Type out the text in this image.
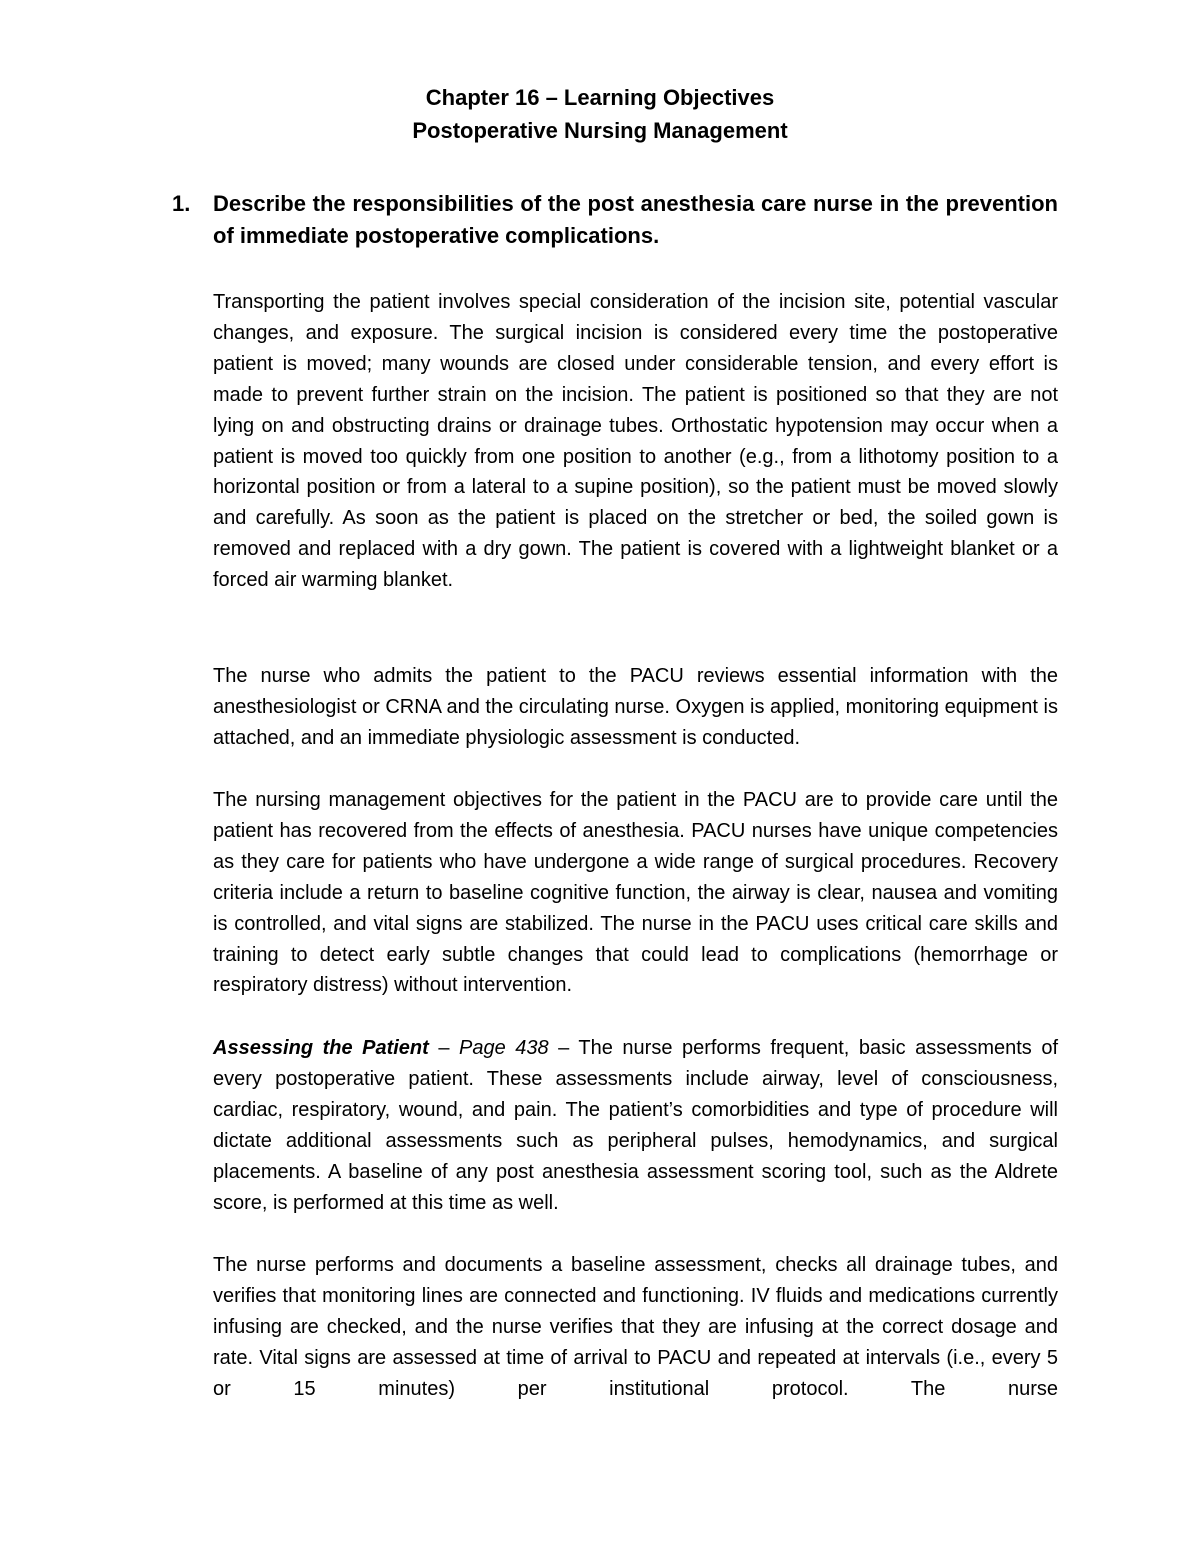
Chapter 16 – Learning Objectives
Postoperative Nursing Management
1. Describe the responsibilities of the post anesthesia care nurse in the prevention of immediate postoperative complications.

Transporting the patient involves special consideration of the incision site, potential vascular changes, and exposure. The surgical incision is considered every time the postoperative patient is moved; many wounds are closed under considerable tension, and every effort is made to prevent further strain on the incision. The patient is positioned so that they are not lying on and obstructing drains or drainage tubes. Orthostatic hypotension may occur when a patient is moved too quickly from one position to another (e.g., from a lithotomy position to a horizontal position or from a lateral to a supine position), so the patient must be moved slowly and carefully. As soon as the patient is placed on the stretcher or bed, the soiled gown is removed and replaced with a dry gown. The patient is covered with a lightweight blanket or a forced air warming blanket.

The nurse who admits the patient to the PACU reviews essential information with the anesthesiologist or CRNA and the circulating nurse. Oxygen is applied, monitoring equipment is attached, and an immediate physiologic assessment is conducted.

The nursing management objectives for the patient in the PACU are to provide care until the patient has recovered from the effects of anesthesia. PACU nurses have unique competencies as they care for patients who have undergone a wide range of surgical procedures. Recovery criteria include a return to baseline cognitive function, the airway is clear, nausea and vomiting is controlled, and vital signs are stabilized. The nurse in the PACU uses critical care skills and training to detect early subtle changes that could lead to complications (hemorrhage or respiratory distress) without intervention.

Assessing the Patient – Page 438 – The nurse performs frequent, basic assessments of every postoperative patient. These assessments include airway, level of consciousness, cardiac, respiratory, wound, and pain. The patient’s comorbidities and type of procedure will dictate additional assessments such as peripheral pulses, hemodynamics, and surgical placements. A baseline of any post anesthesia assessment scoring tool, such as the Aldrete score, is performed at this time as well.

The nurse performs and documents a baseline assessment, checks all drainage tubes, and verifies that monitoring lines are connected and functioning. IV fluids and medications currently infusing are checked, and the nurse verifies that they are infusing at the correct dosage and rate. Vital signs are assessed at time of arrival to PACU and repeated at intervals (i.e., every 5 or 15 minutes) per institutional protocol. The nurse
